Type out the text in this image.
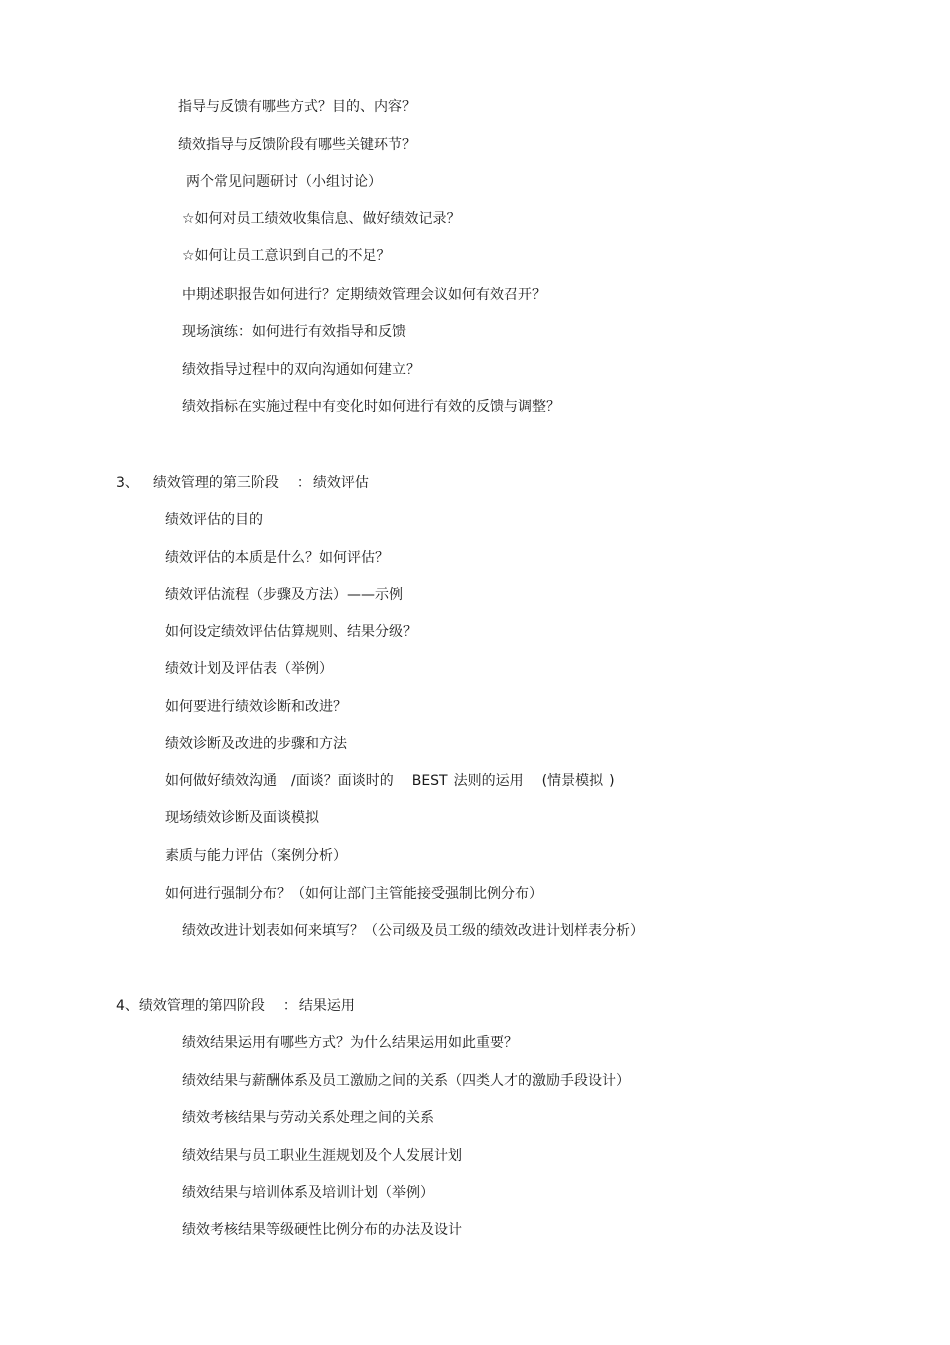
指导与反馈有哪些方式？目的、内容？
绩效指导与反馈阶段有哪些关键环节？
两个常见问题研讨（小组讨论）
☆如何对员工绩效收集信息、做好绩效记录？
☆如何让员工意识到自己的不足？
中期述职报告如何进行？定期绩效管理会议如何有效召开？
现场演练：如何进行有效指导和反馈
绩效指导过程中的双向沟通如何建立？
绩效指标在实施过程中有变化时如何进行有效的反馈与调整？
3、 绩效管理的第三阶段 ： 绩效评估
绩效评估的目的
绩效评估的本质是什么？如何评估？
绩效评估流程（步骤及方法）——示例
如何设定绩效评估估算规则、结果分级？
绩效计划及评估表（举例）
如何要进行绩效诊断和改进？
绩效诊断及改进的步骤和方法
如何做好绩效沟通 /面谈？面谈时的 BEST 法则的运用 (情景模拟 )
现场绩效诊断及面谈模拟
素质与能力评估（案例分析）
如何进行强制分布？（如何让部门主管能接受强制比例分布）
绩效改进计划表如何来填写？（公司级及员工级的绩效改进计划样表分析）
4、绩效管理的第四阶段 ： 结果运用
绩效结果运用有哪些方式？为什么结果运用如此重要？
绩效结果与薪酬体系及员工激励之间的关系（四类人才的激励手段设计）
绩效考核结果与劳动关系处理之间的关系
绩效结果与员工职业生涯规划及个人发展计划
绩效结果与培训体系及培训计划（举例）
绩效考核结果等级硬性比例分布的办法及设计
